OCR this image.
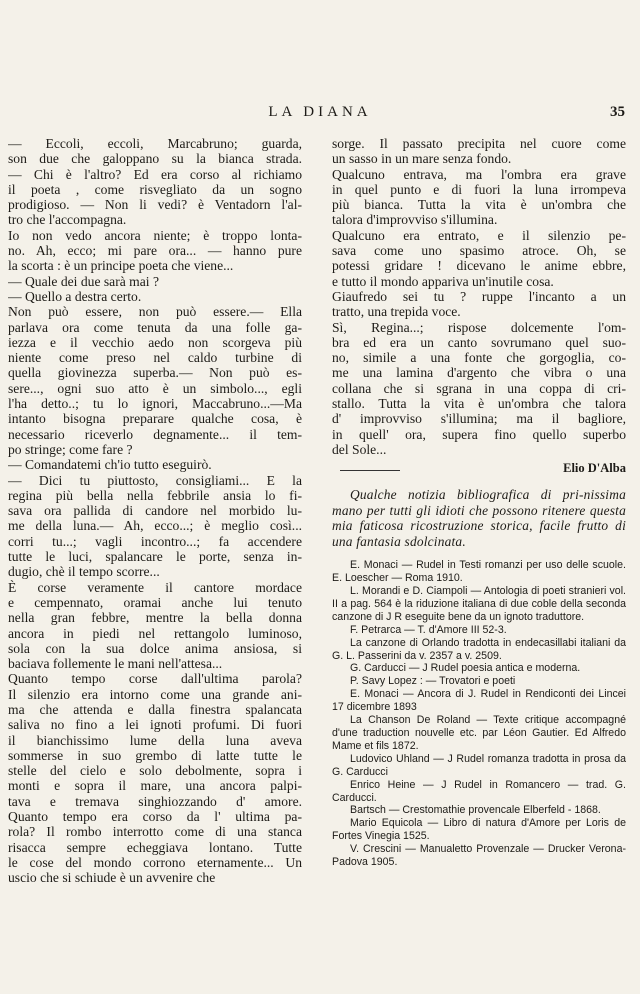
LA DIANA	35
— Eccoli, eccoli, Marcabruno; guarda,
son due che galoppano su la bianca strada.
— Chi è l'altro? Ed era corso al richiamo
il poeta , come risvegliato da un sogno
prodigioso. — Non li vedi? è Ventadorn l'al-
tro che l'accompagna.
Io non vedo ancora niente; è troppo lonta-
no. Ah, ecco; mi pare ora... — hanno pure
la scorta : è un principe poeta che viene...
— Quale dei due sarà mai ?
— Quello a destra certo.
Non può essere, non può essere.— Ella
parlava ora come tenuta da una folle ga-
iezza e il vecchio aedo non scorgeva più
niente come preso nel caldo turbine di
quella giovinezza superba.— Non può es-
sere..., ogni suo atto è un simbolo..., egli
l'ha detto..; tu lo ignori, Maccabruno...—Ma
intanto bisogna preparare qualche cosa, è
necessario riceverlo degnamente... il tem-
po stringe; come fare ?
— Comandatemi ch'io tutto eseguirò.
— Dici tu piuttosto, consigliami... E la
regina più bella nella febbrile ansia lo fi-
sava ora pallida di candore nel morbido lu-
me della luna.— Ah, ecco...; è meglio così...
corri tu...; vagli incontro...; fa accendere
tutte le luci, spalancare le porte, senza in-
dugio, chè il tempo scorre...
È corse veramente il cantore mordace
e cempennato, oramai anche lui tenuto
nella gran febbre, mentre la bella donna
ancora in piedi nel rettangolo luminoso,
sola con la sua dolce anima ansiosa, si
baciava follemente le mani nell'attesa...
Quanto tempo corse dall'ultima parola?
Il silenzio era intorno come una grande ani-
ma che attenda e dalla finestra spalancata
saliva no fino a lei ignoti profumi. Di fuori
il bianchissimo lume della luna aveva
sommerse in suo grembo di latte tutte le
stelle del cielo e solo debolmente, sopra i
monti e sopra il mare, una ancora palpi-
tava e tremava singhiozzando d' amore.
Quanto tempo era corso da l' ultima pa-
rola? Il rombo interrotto come di una stanca
risacca sempre echeggiava lontano. Tutte
le cose del mondo corrono eternamente... Un
uscio che si schiude è un avvenire che
sorge. Il passato precipita nel cuore come
un sasso in un mare senza fondo.
Qualcuno entrava, ma l'ombra era grave
in quel punto e di fuori la luna irrompeva
più bianca. Tutta la vita è un'ombra che
talora d'improvviso s'illumina.
Qualcuno era entrato, e il silenzio pe-
sava come uno spasimo atroce. Oh, se
potessi gridare ! dicevano le anime ebbre,
e tutto il mondo appariva un'inutile cosa.
Giaufredo sei tu ? ruppe l'incanto a un
tratto, una trepida voce.
Sì, Regina...; rispose dolcemente l'om-
bra ed era un canto sovrumano quel suo-
no, simile a una fonte che gorgoglia, co-
me una lamina d'argento che vibra o una
collana che si sgrana in una coppa di cri-
stallo. Tutta la vita è un'ombra che talora
d' improvviso s'illumina; ma il bagliore,
in quell' ora, supera fino quello superbo
del Sole...
Elio D'Alba
Qualche notizia bibliografica di pri-nissima mano per tutti gli idioti che possono ritenere questa mia faticosa ricostruzione storica, facile frutto di una fantasia sdolcinata.

E. Monaci — Rudel in Testi romanzi per uso delle scuole. E. Loescher — Roma 1910.

L. Morandi e D. Ciampoli — Antologia di poeti stranieri vol. II a pag. 564 è la riduzione italiana di due coble della seconda canzone di J R eseguite bene da un ignoto traduttore.

F. Petrarca — T. d'Amore III 52-3.

La canzone di Orlando tradotta in endecasillabi italiani da G. L. Passerini da v. 2357 a v. 2509.

G. Carducci — J Rudel poesia antica e moderna.

P. Savy Lopez : — Trovatori e poeti

E. Monaci — Ancora di J. Rudel in Rendiconti dei Lincei 17 dicembre 1893

La Chanson De Roland — Texte critique accompagné d'une traduction nouvelle etc. par Léon Gautier. Ed Alfredo Mame et fils 1872.

Ludovico Uhland — J Rudel romanza tradotta in prosa da G. Carducci

Enrico Heine — J Rudel in Romancero — trad. G. Carducci.

Bartsch — Crestomathie provencale Elberfeld - 1868.

Mario Equicola — Libro di natura d'Amore per Loris de Fortes Vinegia 1525.

V. Crescini — Manualetto Provenzale — Drucker Verona-Padova 1905.
